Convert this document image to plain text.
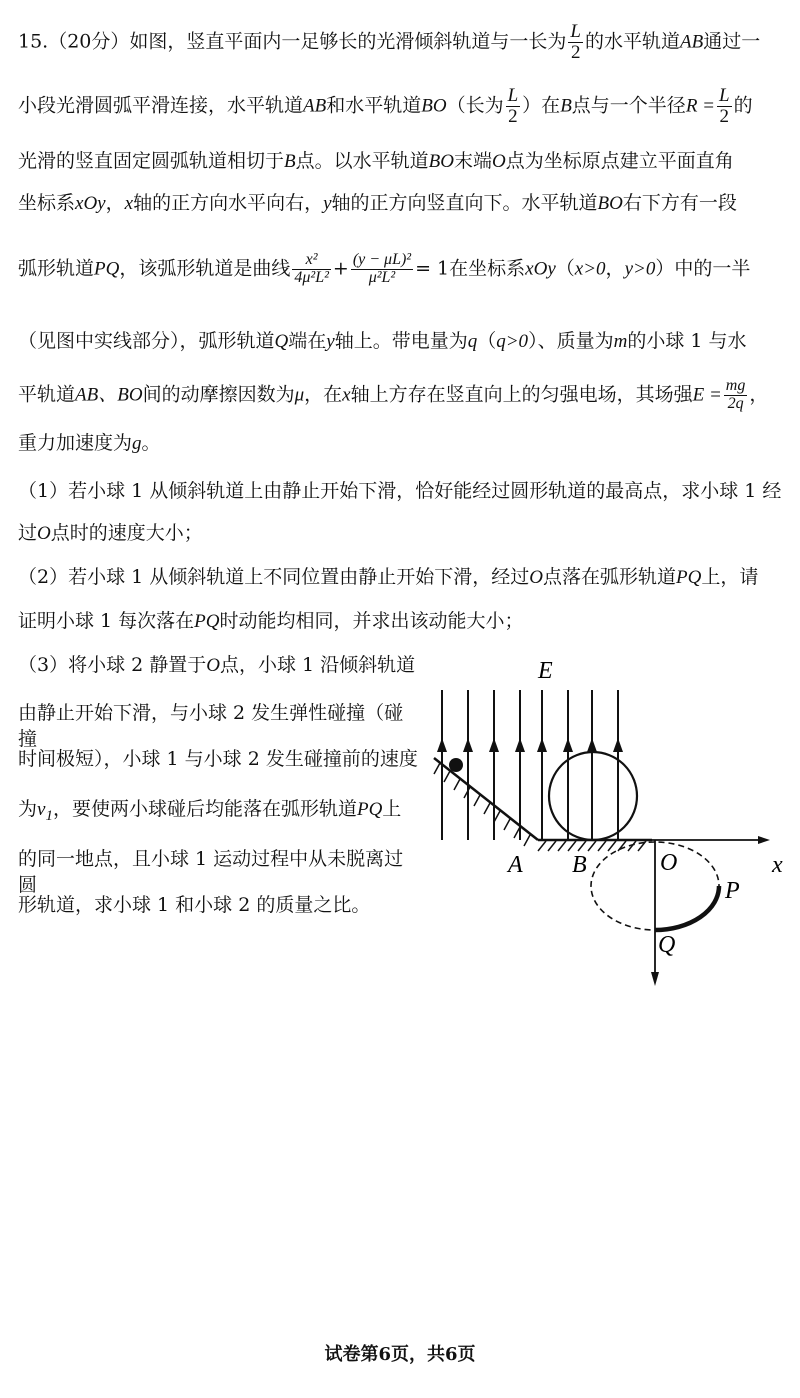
15.（20分）如图，竖直平面内一足够长的光滑倾斜轨道与一长为 $\frac{L}{2}$ 的水平轨道AB通过一
小段光滑圆弧平滑连接，水平轨道AB和水平轨道BO（长为 $\frac{L}{2}$ ）在B点与一个半径$R = \frac{L}{2}$ 的
光滑的竖直固定圆弧轨道相切于B点。以水平轨道BO末端O点为坐标原点建立平面直角
坐标系xOy，x轴的正方向水平向右，y轴的正方向竖直向下。水平轨道BO右下方有一段
弧形轨道PQ，该弧形轨道是曲线 $\frac{\text{x²}}{\text{4μ²L²}} + \frac{\text{(y − μL)²}}{\text{μ²L²}} = 1$在坐标系xOy（x>0，y>0）中的一半
（见图中实线部分），弧形轨道Q端在y轴上。带电量为q（q>0）、质量为m的小球 1 与水
平轨道AB、BO间的动摩擦因数为μ，在x轴上方存在竖直向上的匀强电场，其场强$E = \frac{mg}{2q}$ ，
重力加速度为g。
（1）若小球 1 从倾斜轨道上由静止开始下滑，恰好能经过圆形轨道的最高点，求小球 1 经
过O点时的速度大小；
（2）若小球 1 从倾斜轨道上不同位置由静止开始下滑，经过O点落在弧形轨道PQ上，请
证明小球 1 每次落在PQ时动能均相同，并求出该动能大小；
（3）将小球 2 静置于O点，小球 1 沿倾斜轨道
由静止开始下滑，与小球 2 发生弹性碰撞（碰撞
时间极短），小球 1 与小球 2 发生碰撞前的速度
为$v_1$，要使两小球碰后均能落在弧形轨道PQ上
的同一地点，且小球 1 运动过程中从未脱离过圆
形轨道，求小球 1 和小球 2 的质量之比。
E
A B	O
P
Q
x
试卷第6页，共6页
